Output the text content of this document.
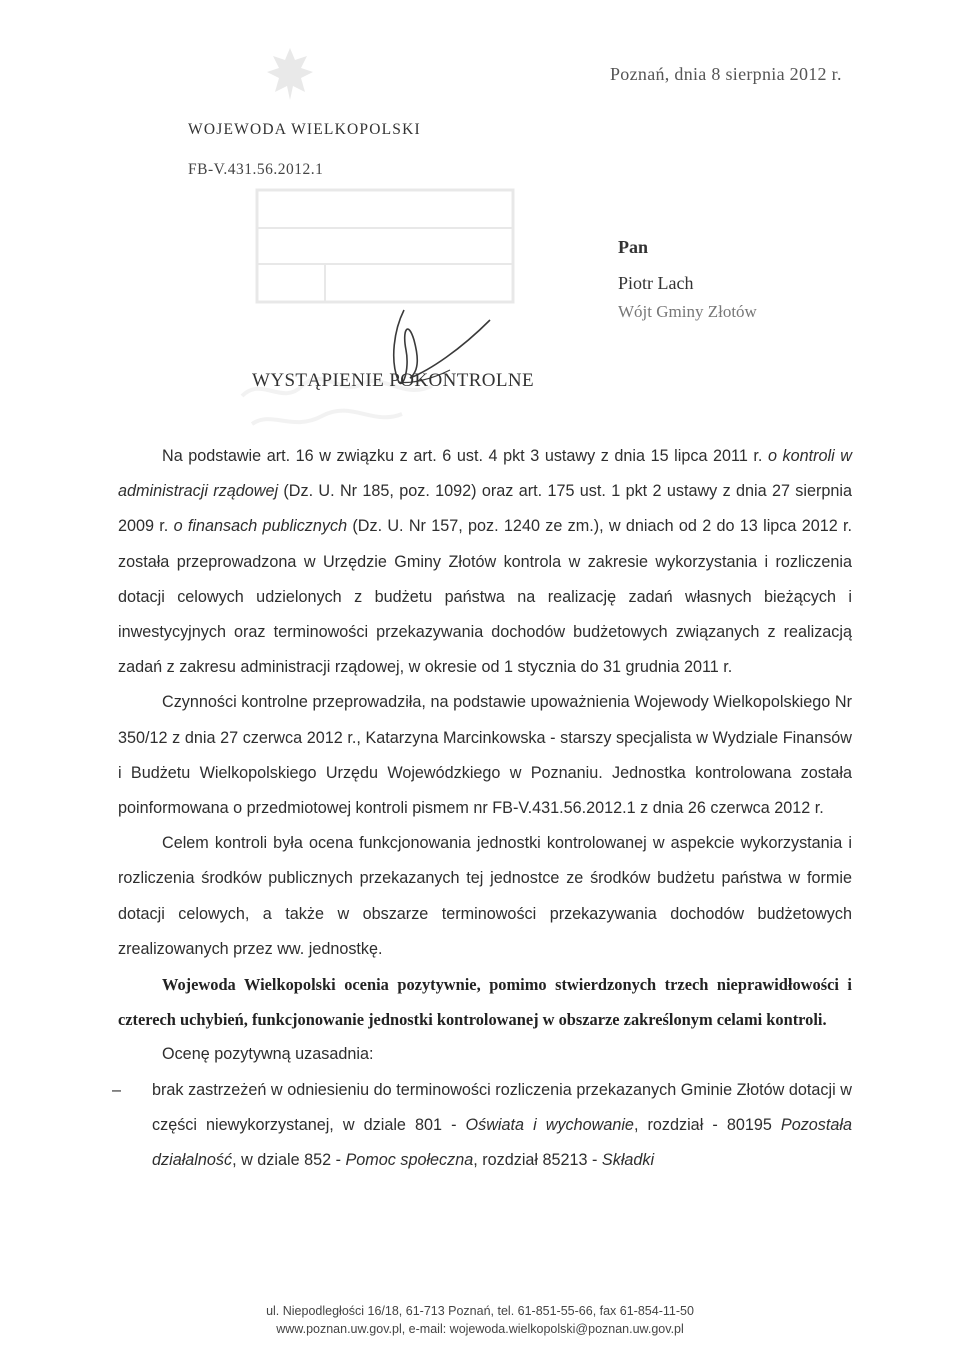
Poznań, dnia 8 sierpnia 2012 r.
WOJEWODA WIELKOPOLSKI
FB-V.431.56.2012.1
Pan
Piotr Lach
Wójt Gminy Złotów
WYSTĄPIENIE POKONTROLNE

Na podstawie art. 16 w związku z art. 6 ust. 4 pkt 3 ustawy z dnia 15 lipca 2011 r. o kontroli w administracji rządowej (Dz. U. Nr 185, poz. 1092) oraz art. 175 ust. 1 pkt 2 ustawy z dnia 27 sierpnia 2009 r. o finansach publicznych (Dz. U. Nr 157, poz. 1240 ze zm.), w dniach od 2 do 13 lipca 2012 r. została przeprowadzona w Urzędzie Gminy Złotów kontrola w zakresie wykorzystania i rozliczenia dotacji celowych udzielonych z budżetu państwa na realizację zadań własnych bieżących i inwestycyjnych oraz terminowości przekazywania dochodów budżetowych związanych z realizacją zadań z zakresu administracji rządowej, w okresie od 1 stycznia do 31 grudnia 2011 r.

Czynności kontrolne przeprowadziła, na podstawie upoważnienia Wojewody Wielkopolskiego Nr 350/12 z dnia 27 czerwca 2012 r., Katarzyna Marcinkowska - starszy specjalista w Wydziale Finansów i Budżetu Wielkopolskiego Urzędu Wojewódzkiego w Poznaniu. Jednostka kontrolowana została poinformowana o przedmiotowej kontroli pismem nr FB-V.431.56.2012.1 z dnia 26 czerwca 2012 r.

Celem kontroli była ocena funkcjonowania jednostki kontrolowanej w aspekcie wykorzystania i rozliczenia środków publicznych przekazanych tej jednostce ze środków budżetu państwa w formie dotacji celowych, a także w obszarze terminowości przekazywania dochodów budżetowych zrealizowanych przez ww. jednostkę.

Wojewoda Wielkopolski ocenia pozytywnie, pomimo stwierdzonych trzech nieprawidłowości i czterech uchybień, funkcjonowanie jednostki kontrolowanej w obszarze zakreślonym celami kontroli.

Ocenę pozytywną uzasadnia:

–	brak zastrzeżeń w odniesieniu do terminowości rozliczenia przekazanych Gminie Złotów dotacji w części niewykorzystanej, w dziale 801 - Oświata i wychowanie, rozdział - 80195 Pozostała działalność, w dziale 852 - Pomoc społeczna, rozdział 85213 - Składki
ul. Niepodległości 16/18, 61-713 Poznań, tel. 61-851-55-66, fax 61-854-11-50
www.poznan.uw.gov.pl, e-mail: wojewoda.wielkopolski@poznan.uw.gov.pl
